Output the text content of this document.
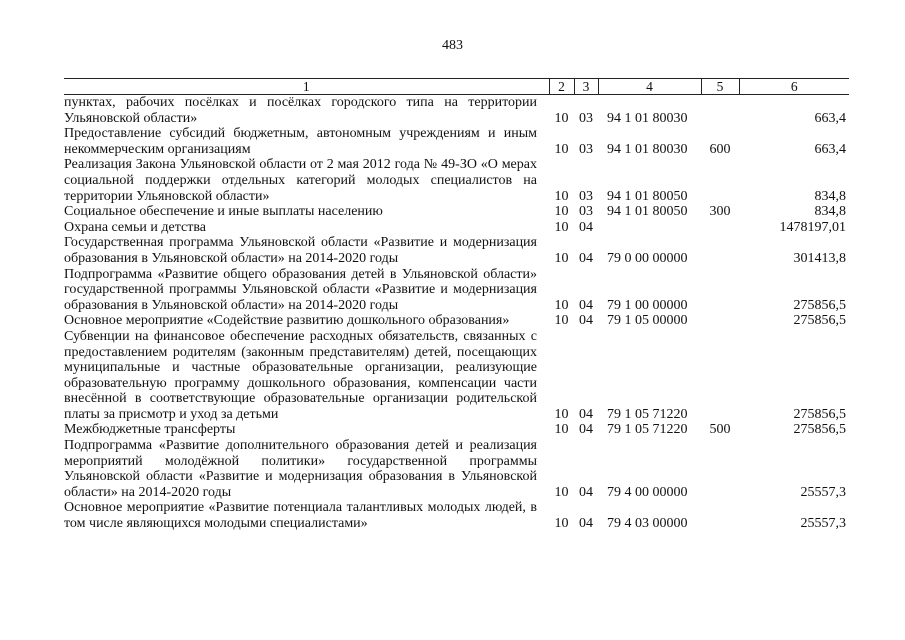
483
1	2	3	4	5	6
пунктах, рабочих посёлках и посёлках городского типа на территории Ульяновской области»	10	03	94 1 01 80030		663,4
Предоставление субсидий бюджетным, автономным учреждениям и иным некоммерческим организациям	10	03	94 1 01 80030	600	663,4
Реализация Закона Ульяновской области от 2 мая 2012 года № 49-ЗО «О мерах социальной поддержки отдельных категорий молодых специалистов на территории Ульяновской области»	10	03	94 1 01 80050		834,8
Социальное обеспечение и иные выплаты населению	10	03	94 1 01 80050	300	834,8
Охрана семьи и детства	10	04			1478197,01
Государственная программа Ульяновской области «Развитие и модернизация образования в Ульяновской области» на 2014-2020 годы	10	04	79 0 00 00000		301413,8
Подпрограмма «Развитие общего образования детей в Ульяновской области» государственной программы Ульяновской области «Развитие и модернизация образования в Ульяновской области» на 2014-2020 годы	10	04	79 1 00 00000		275856,5
Основное мероприятие «Содействие развитию дошкольного образования»	10	04	79 1 05 00000		275856,5
Субвенции на финансовое обеспечение расходных обязательств, связанных с предоставлением родителям (законным представителям) детей, посещающих муниципальные и частные образовательные организации, реализующие образовательную программу дошкольного образования, компенсации части внесённой в соответствующие образовательные организации родительской платы за присмотр и уход за детьми	10	04	79 1 05 71220		275856,5
Межбюджетные трансферты	10	04	79 1 05 71220	500	275856,5
Подпрограмма «Развитие дополнительного образования детей и реализация мероприятий молодёжной политики» государственной программы Ульяновской области «Развитие и модернизация образования в Ульяновской области» на 2014-2020 годы	10	04	79 4 00 00000		25557,3
Основное мероприятие «Развитие потенциала талантливых молодых людей, в том числе являющихся молодыми специалистами»	10	04	79 4 03 00000		25557,3
